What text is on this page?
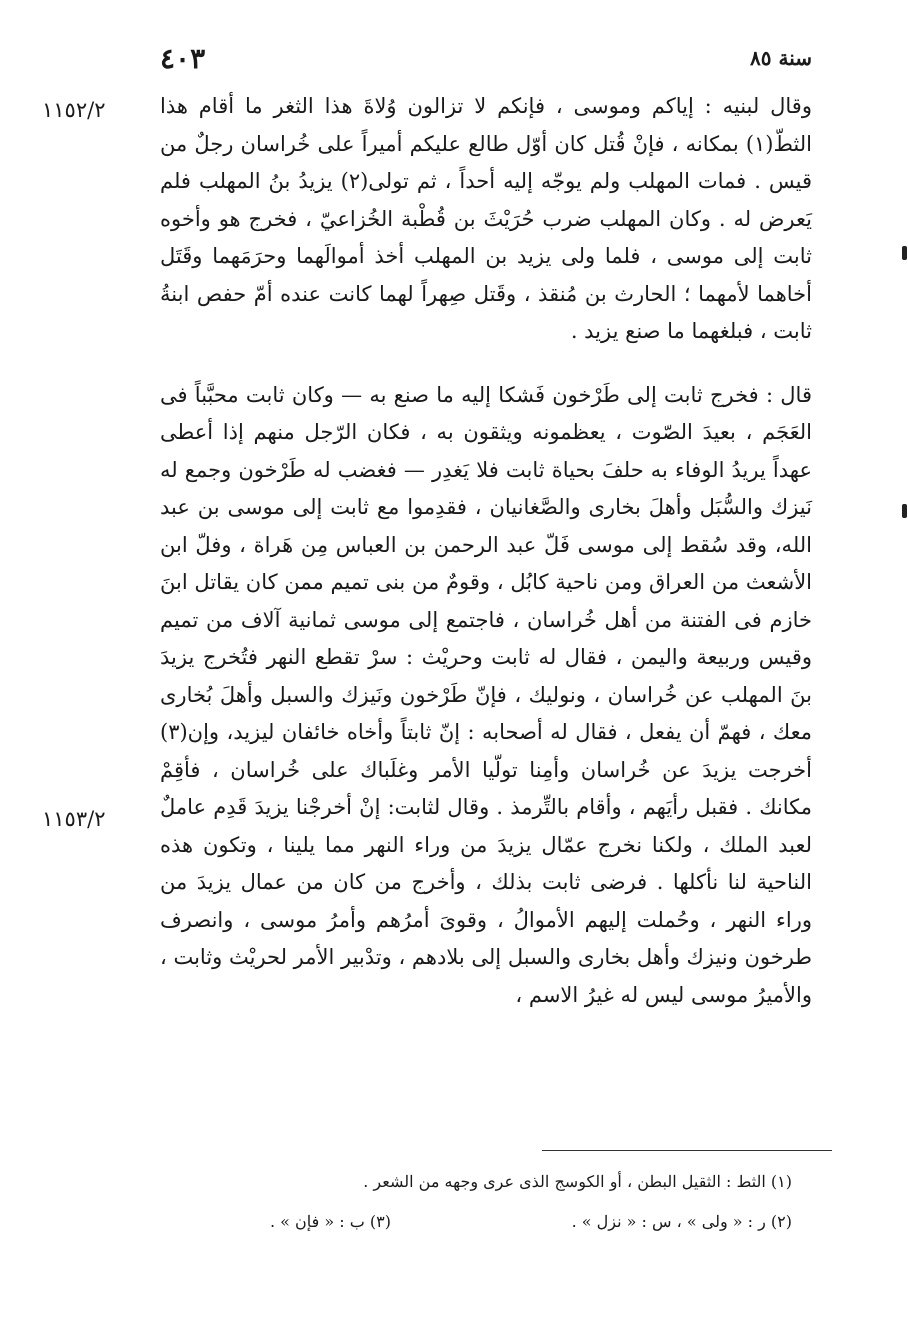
سنة ٨٥
٤٠٣
١١٥٢/٢
١١٥٣/٢

وقال لبنيه : إياكم وموسى ، فإنكم لا تزالون وُلاةَ هذا الثغر ما أقام هذا الثطّ(١) بمكانه ، فإنْ قُتل كان أوّل طالع عليكم أميراً على خُراسان رجلٌ من قيس . فمات المهلب ولم يوجّه إليه أحداً ، ثم تولى(٢) يزيدُ بنُ المهلب فلم يَعرض له . وكان المهلب ضرب حُرَيْثَ بن قُطْبة الخُزاعيّ ، فخرج هو وأخوه ثابت إلى موسى ، فلما ولى يزيد بن المهلب أخذ أموالَهما وحرَمَهما وقَتَل أخاهما لأمهما ؛ الحارث بن مُنقذ ، وقَتل صِهراً لهما كانت عنده أمّ حفص ابنةُ ثابت ، فبلغهما ما صنع يزيد .

قال : فخرج ثابت إلى طَرْخون فَشكا إليه ما صنع به — وكان ثابت محبَّباً فى العَجَم ، بعيدَ الصّوت ، يعظمونه ويثقون به ، فكان الرّجل منهم إذا أعطى عهداً يريدُ الوفاء به حلفَ بحياة ثابت فلا يَغدِر — فغضب له طَرْخون وجمع له نَيزك والسُّبَل وأهلَ بخارى والصَّغانيان ، فقدِموا مع ثابت إلى موسى بن عبد الله، وقد سُقط إلى موسى فَلّ عبد الرحمن بن العباس مِن هَراة ، وفلّ ابن الأشعث من العراق ومن ناحية كابُل ، وقومٌ من بنى تميم ممن كان يقاتل ابنَ خازم فى الفتنة من أهل خُراسان ، فاجتمع إلى موسى ثمانية آلاف من تميم وقيس وربيعة واليمن ، فقال له ثابت وحريْث : سرْ تقطع النهر فتُخرج يزيدَ بنَ المهلب عن خُراسان ، ونوليك ، فإنّ طَرْخون ونَيزك والسبل وأهلَ بُخارى معك ، فهمّ أن يفعل ، فقال له أصحابه : إنّ ثابتاً وأخاه خائفان ليزيد، وإن(٣) أخرجت يزيدَ عن خُراسان وأمِنا تولّيا الأمر وغلَباك على خُراسان ، فأقِمْ مكانك . فقبل رأيَهم ، وأقام بالتِّرمذ . وقال لثابت: إنْ أخرجْنا يزيدَ قَدِم عاملٌ لعبد الملك ، ولكنا نخرج عمّال يزيدَ من وراء النهر مما يلينا ، وتكون هذه الناحية لنا نأكلها . فرضى ثابت بذلك ، وأخرج من كان من عمال يزيدَ من وراء النهر ، وحُملت إليهم الأموالُ ، وقوىَ أمرُهم وأمرُ موسى ، وانصرف طرخون ونيزك وأهل بخارى والسبل إلى بلادهم ، وتدْبير الأمر لحريْث وثابت ، والأميرُ موسى ليس له غيرُ الاسم ،

(١) الثط : الثقيل البطن ، أو الكوسج الذى عرى وجهه من الشعر .
(٢) ر : « ولى » ، س : « نزل » .
(٣) ب : « فإن » .
